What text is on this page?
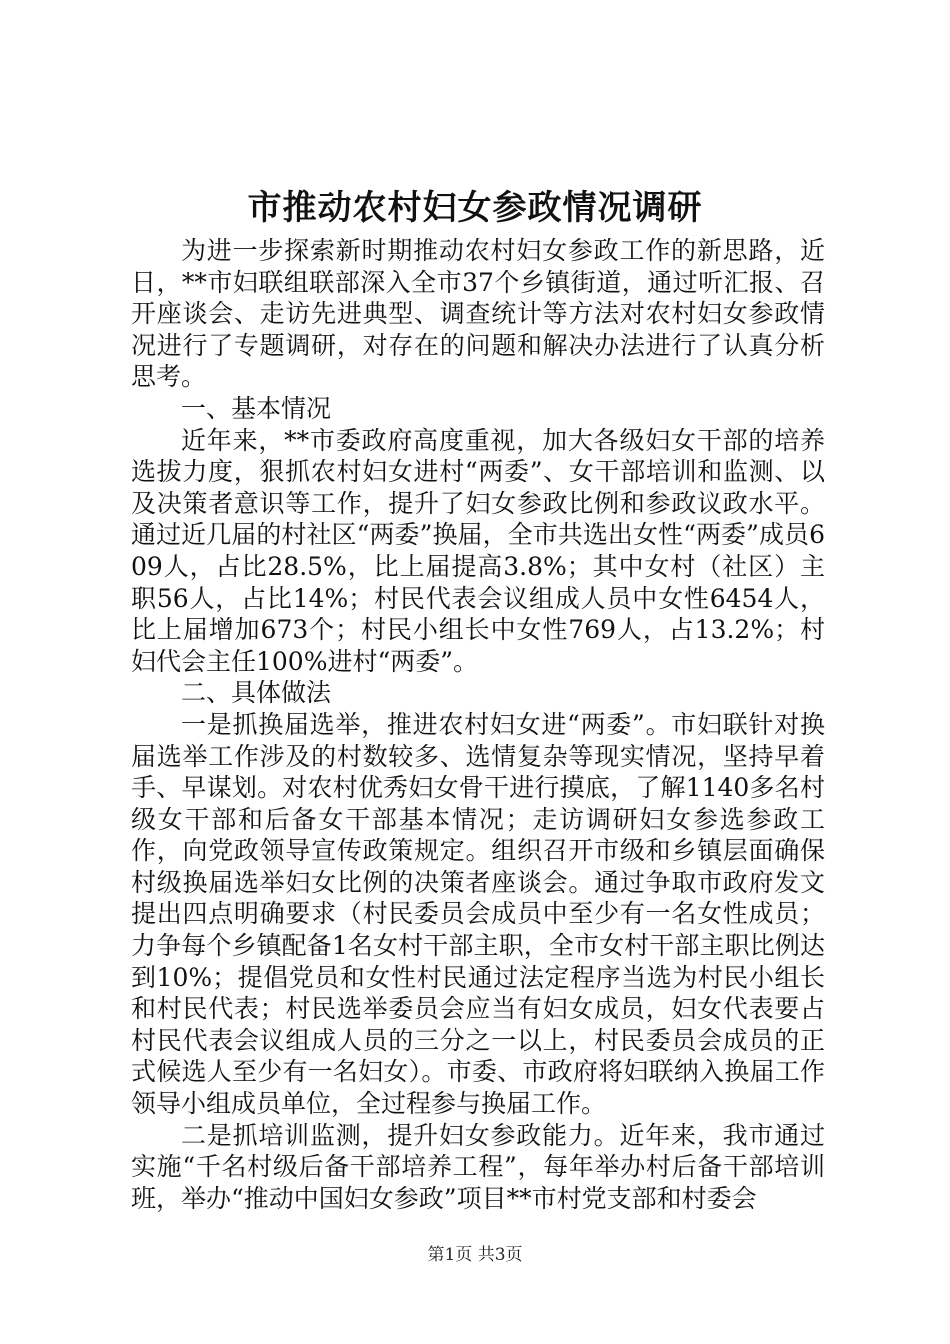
市推动农村妇女参政情况调研

为进一步探索新时期推动农村妇女参政工作的新思路，近日，**市妇联组联部深入全市37个乡镇街道，通过听汇报、召开座谈会、走访先进典型、调查统计等方法对农村妇女参政情况进行了专题调研，对存在的问题和解决办法进行了认真分析思考。

一、基本情况

近年来，**市委政府高度重视，加大各级妇女干部的培养选拔力度，狠抓农村妇女进村“两委”、女干部培训和监测、以及决策者意识等工作，提升了妇女参政比例和参政议政水平。通过近几届的村社区“两委”换届，全市共选出女性“两委”成员609人，占比28.5%，比上届提高3.8%；其中女村（社区）主职56人，占比14%；村民代表会议组成人员中女性6454人，比上届增加673个；村民小组长中女性769人，占13.2%；村妇代会主任100%进村“两委”。

二、具体做法

一是抓换届选举，推进农村妇女进“两委”。市妇联针对换届选举工作涉及的村数较多、选情复杂等现实情况，坚持早着手、早谋划。对农村优秀妇女骨干进行摸底，了解1140多名村级女干部和后备女干部基本情况；走访调研妇女参选参政工作，向党政领导宣传政策规定。组织召开市级和乡镇层面确保村级换届选举妇女比例的决策者座谈会。通过争取市政府发文提出四点明确要求（村民委员会成员中至少有一名女性成员；力争每个乡镇配备1名女村干部主职，全市女村干部主职比例达到10%；提倡党员和女性村民通过法定程序当选为村民小组长和村民代表；村民选举委员会应当有妇女成员，妇女代表要占村民代表会议组成人员的三分之一以上，村民委员会成员的正式候选人至少有一名妇女）。市委、市政府将妇联纳入换届工作领导小组成员单位，全过程参与换届工作。

二是抓培训监测，提升妇女参政能力。近年来，我市通过实施“千名村级后备干部培养工程”，每年举办村后备干部培训班，举办“推动中国妇女参政”项目**市村党支部和村委会

第1页 共3页
